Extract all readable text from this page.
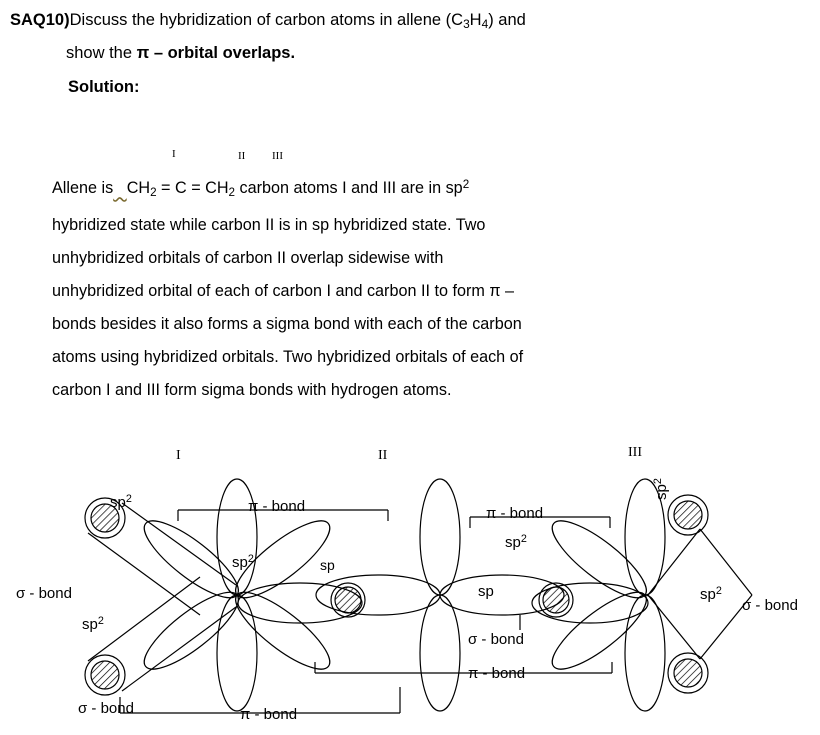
SAQ10)Discuss the hybridization of carbon atoms in allene $(C_3H_4)$ and
show the π – orbital overlaps.
Solution:
I	II III

Allene is $CH_2 = C = CH_2$ carbon atoms I and III are in $sp^2$

hybridized state while carbon II is in sp hybridized state. Two

unhybridized orbitals of carbon II overlap sidewise with

unhybridized orbital of each of carbon I and carbon II to form π –

bonds besides it also forms a sigma bond with each of the carbon

atoms using hybridized orbitals. Two hybridized orbitals of each of

carbon I and III form sigma bonds with hydrogen atoms.

I	II	III
$sp^2$
σ - bond
$sp^2$
σ - bond
π - bond
π - bond
$sp^2$	sp
π - bond
$sp^2$
sp
σ - bond
π - bond
$sp^2$
$sp^2$
σ - bond
